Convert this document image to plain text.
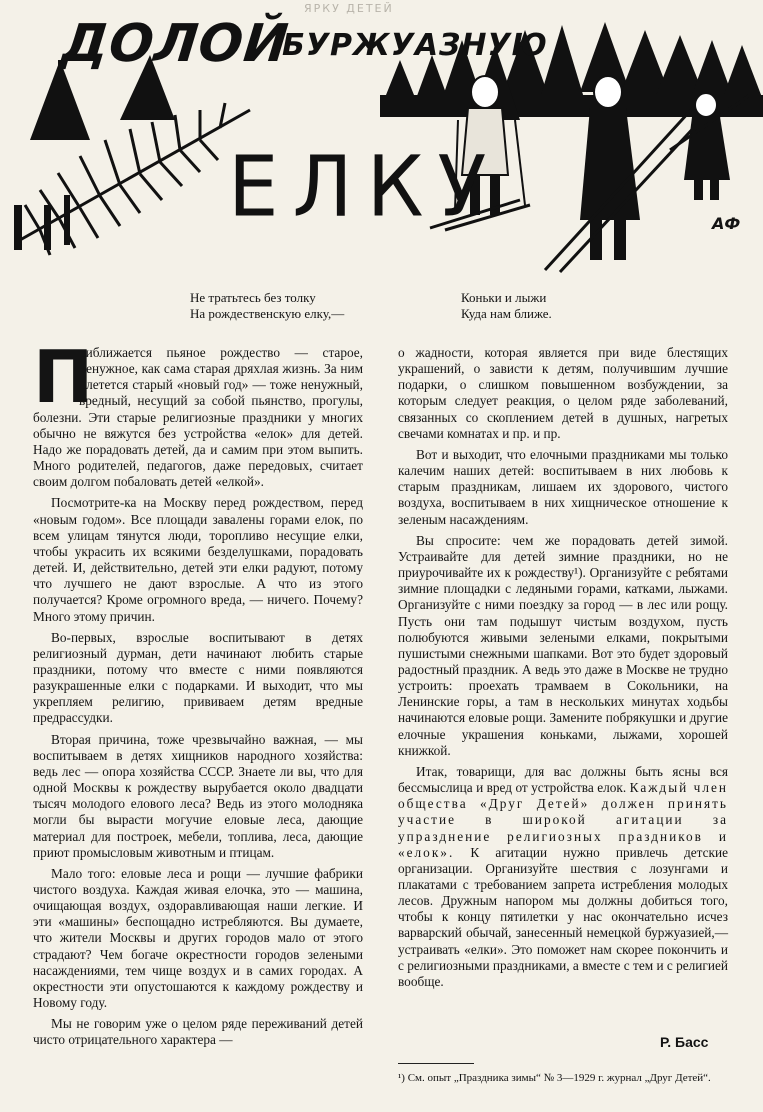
ЯРКУ ДЕТЕЙ
ДОЛОЙ
БУРЖУАЗНУЮ
ЕЛКУ	АФ
Не тратьтесь без толку
На рождественскую елку,—
Коньки и лыжи
Куда нам ближе.

П
риближается пьяное рождество — старое, ненужное, как сама старая дряхлая жизнь. За ним плетется старый «новый год» — тоже ненужный, вредный, несущий за собой пьянство, прогулы, болезни. Эти старые религиозные праздники у многих обычно не вяжутся без устройства «елок» для детей. Надо же порадовать детей, да и самим при этом выпить. Много родителей, педагогов, даже передовых, считает своим долгом побаловать детей «елкой».

Посмотрите-ка на Москву перед рождеством, перед «новым годом». Все площади завалены горами елок, по всем улицам тянутся люди, торопливо несущие елки, чтобы украсить их всякими безделушками, порадовать детей. И, действительно, детей эти елки радуют, потому что лучшего не дают взрослые. А что из этого получается? Кроме огромного вреда, — ничего. Почему? Много этому причин.

Во-первых, взрослые воспитывают в детях религиозный дурман, дети начинают любить старые праздники, потому что вместе с ними появляются разукрашенные елки с подарками. И выходит, что мы укрепляем религию, прививаем детям вредные предрассудки.

Вторая причина, тоже чрезвычайно важная, — мы воспитываем в детях хищников народного хозяйства: ведь лес — опора хозяйства СССР. Знаете ли вы, что для одной Москвы к рождеству вырубается около двадцати тысяч молодого елового леса? Ведь из этого молодняка могли бы вырасти могучие еловые леса, дающие материал для построек, мебели, топлива, леса, дающие приют промысловым животным и птицам.

Мало того: еловые леса и рощи — лучшие фабрики чистого воздуха. Каждая живая елочка, это — машина, очищающая воздух, оздоравливающая наши легкие. И эти «машины» беспощадно истребляются. Вы думаете, что жители Москвы и других городов мало от этого страдают? Чем богаче окрестности городов зелеными насаждениями, тем чище воздух и в самих городах. А окрестности эти опустошаются к каждому рождеству и Новому году.

Мы не говорим уже о целом ряде переживаний детей чисто отрицательного характера —

о жадности, которая является при виде блестящих украшений, о зависти к детям, получившим лучшие подарки, о слишком повышенном возбуждении, за которым следует реакция, о целом ряде заболеваний, связанных со скоплением детей в душных, нагретых свечами комнатах и пр. и пр.

Вот и выходит, что елочными праздниками мы только калечим наших детей: воспитываем в них любовь к старым праздникам, лишаем их здорового, чистого воздуха, воспитываем в них хищническое отношение к зеленым насаждениям.

Вы спросите: чем же порадовать детей зимой. Устраивайте для детей зимние праздники, но не приурочивайте их к рождеству¹). Организуйте с ребятами зимние площадки с ледяными горами, катками, лыжами. Организуйте с ними поездку за город — в лес или рощу. Пусть они там подышут чистым воздухом, пусть полюбуются живыми зелеными елками, покрытыми пушистыми снежными шапками. Вот это будет здоровый радостный праздник. А ведь это даже в Москве не трудно устроить: проехать трамваем в Сокольники, на Ленинские горы, а там в нескольких минутах ходьбы начинаются еловые рощи. Замените побрякушки и другие елочные украшения коньками, лыжами, хорошей книжкой.

Итак, товарищи, для вас должны быть ясны вся бессмыслица и вред от устройства елок. Каждый член общества «Друг Детей» должен принять участие в широкой агитации за упразднение религиозных праздников и «елок». К агитации нужно привлечь детские организации. Организуйте шествия с лозунгами и плакатами с требованием запрета истребления молодых лесов. Дружным напором мы должны добиться того, чтобы к концу пятилетки у нас окончательно исчез варварский обычай, занесенный немецкой буржуазией,— устраивать «елки». Это поможет нам скорее покончить и с религиозными праздниками, а вместе с тем и с религией вообще.

Р. Басс
¹) См. опыт „Праздника зимы“ № 3—1929 г. журнал „Друг Детей“.
